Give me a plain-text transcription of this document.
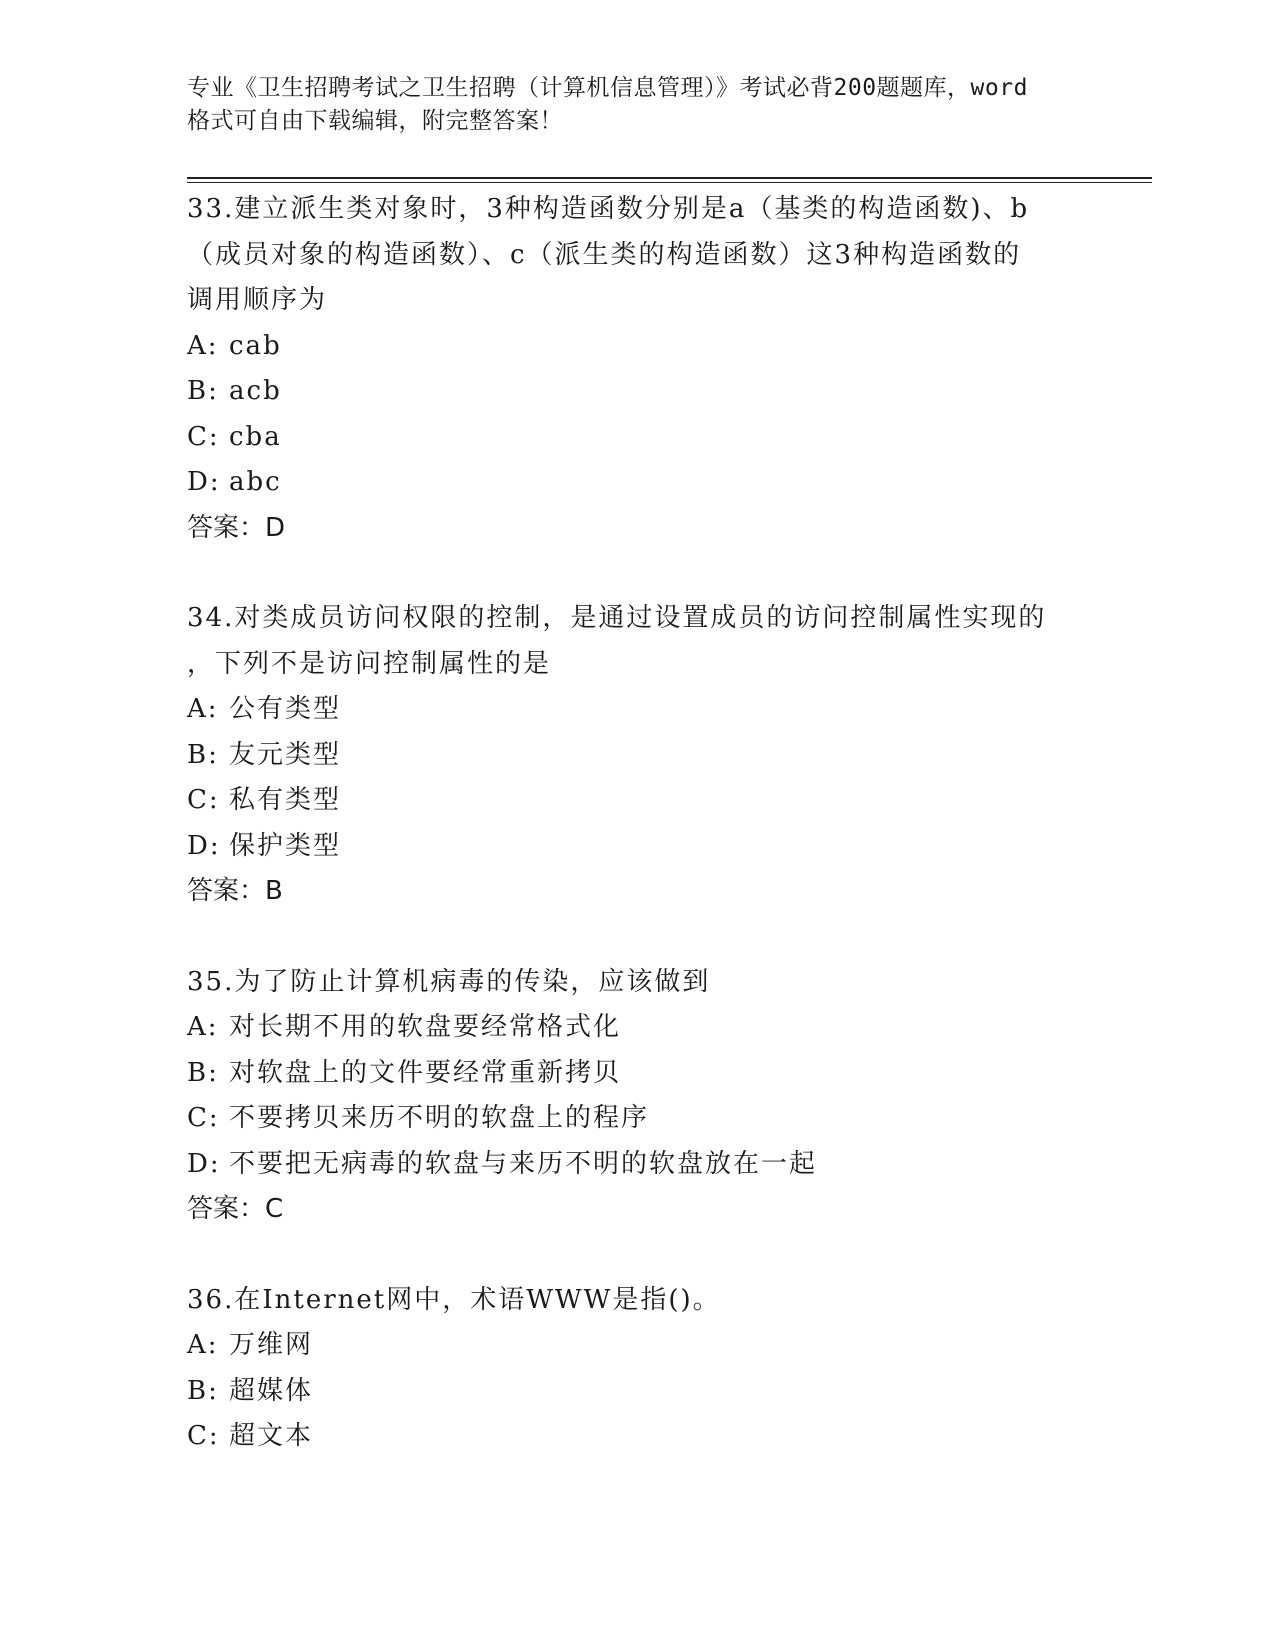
专业《卫生招聘考试之卫生招聘（计算机信息管理）》考试必背200题题库，word
格式可自由下载编辑，附完整答案！
33.建立派生类对象时，3种构造函数分别是a（基类的构造函数)、b
（成员对象的构造函数）、c（派生类的构造函数）这3种构造函数的
调用顺序为
A: cab
B: acb
C: cba
D: abc
答案：D
34.对类成员访问权限的控制，是通过设置成员的访问控制属性实现的
，下列不是访问控制属性的是
A: 公有类型
B: 友元类型
C: 私有类型
D: 保护类型
答案：B
35.为了防止计算机病毒的传染，应该做到
A: 对长期不用的软盘要经常格式化
B: 对软盘上的文件要经常重新拷贝
C: 不要拷贝来历不明的软盘上的程序
D: 不要把无病毒的软盘与来历不明的软盘放在一起
答案：C
36.在Internet网中，术语WWW是指()。
A: 万维网
B: 超媒体
C: 超文本
